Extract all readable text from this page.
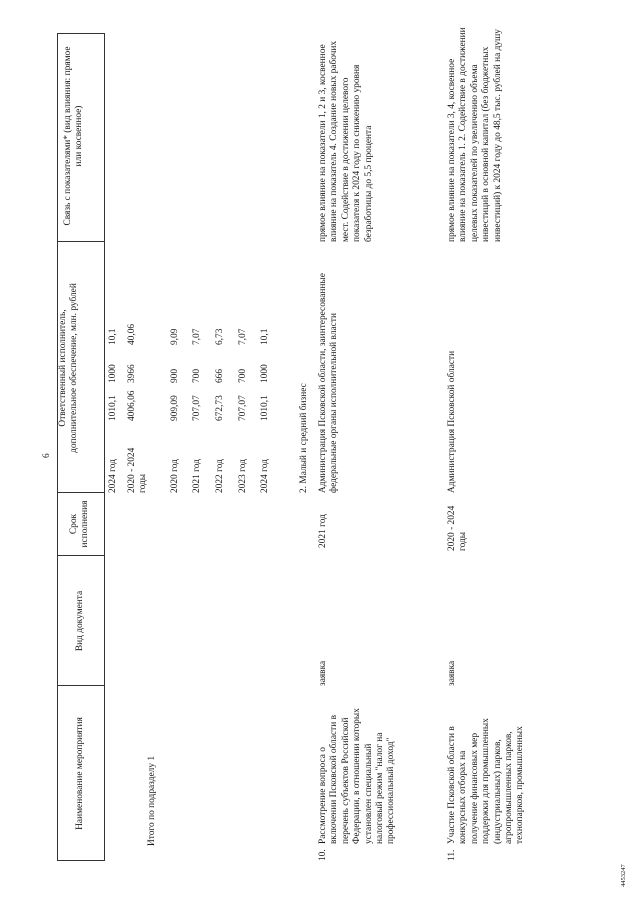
6
Наименование мероприятия
Вид документа
Срок исполнения
Ответственный исполнитель, дополнительное обеспечение, млн. рублей
Связь с показателями* (вид влияния: прямое или косвенное)
Итого по подразделу 1
2024 год
1010,1
1000
10,1
2020 - 2024 годы
4006,06
3966
40,06
2020 год
909,09
900
9,09
2021 год
707,07
700
7,07
2022 год
672,73
666
6,73
2023 год
707,07
700
7,07
2024 год
1010,1
1000
10,1
2. Малый и средний бизнес
10.
Рассмотрение вопроса о включении Псковской области в перечень субъектов Российской Федерации, в отношении которых установлен специальный налоговый режим "налог на профессиональный доход"
заявка
2021 год
Администрация Псковской области, заинтересованные федеральные органы исполнительной власти
прямое влияние на показатели 1, 2 и 3, косвенное влияние на показатель 4. Создание новых рабочих мест. Содействие в достижении целевого показателя к 2024 году по снижению уровня безработицы до 5,5 процента
11.
Участие Псковской области в конкурсных отборах на получение финансовых мер поддержки для промышленных (индустриальных) парков, агропромышленных парков, технопарков, промышленных
заявка
2020 - 2024 годы
Администрация Псковской области
прямое влияние на показатели 3, 4, косвенное влияние на показатель 1. 2. Содействие в достижении целевых показателей по увеличению объема инвестиций в основной капитал (без бюджетных инвестиций) к 2024 году до 48,5 тыс. рублей на душу
4453247
